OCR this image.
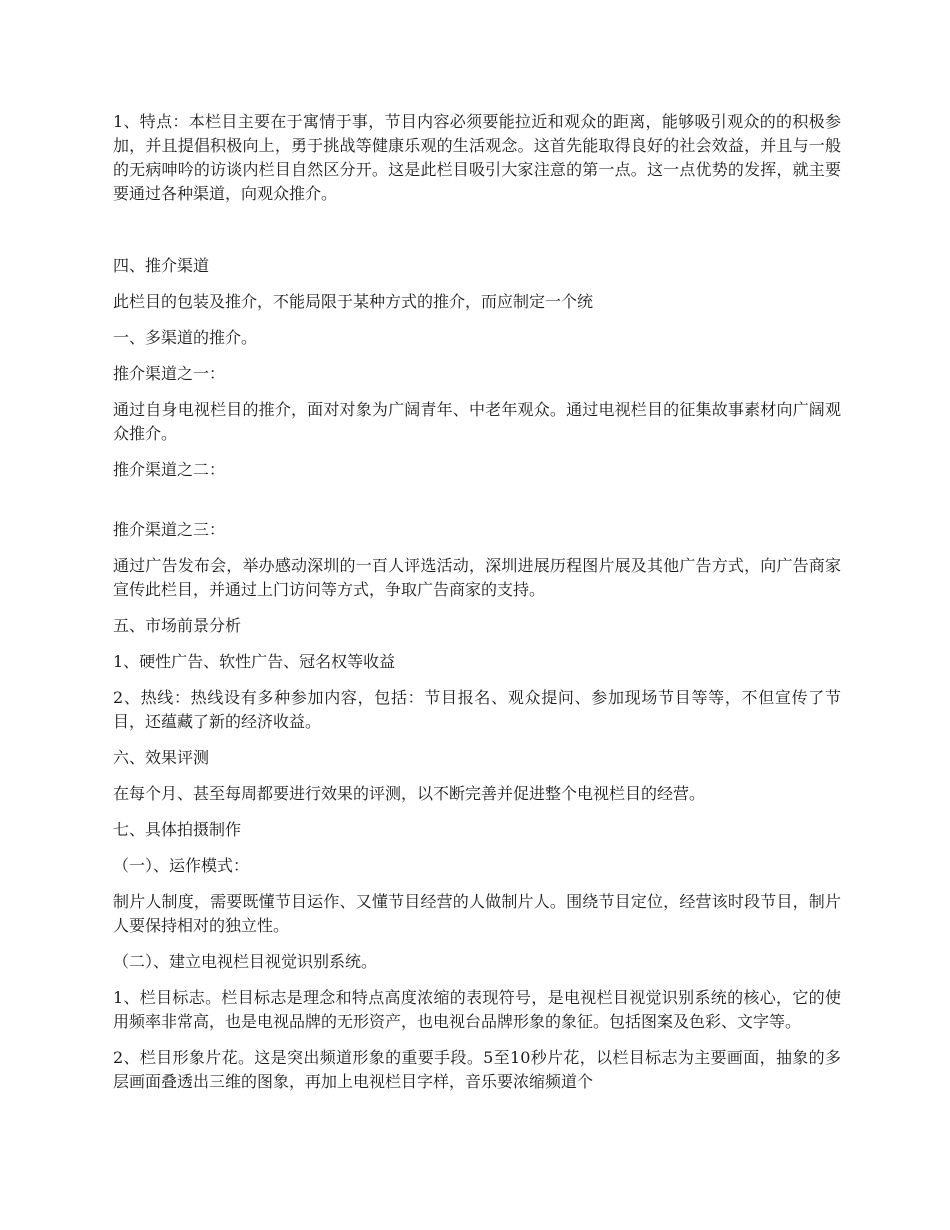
1、特点：本栏目主要在于寓情于事，节目内容必须要能拉近和观众的距离，能够吸引观众的的积极参加，并且提倡积极向上，勇于挑战等健康乐观的生活观念。这首先能取得良好的社会效益，并且与一般的无病呻吟的访谈内栏目自然区分开。这是此栏目吸引大家注意的第一点。这一点优势的发挥，就主要要通过各种渠道，向观众推介。

四、推介渠道

此栏目的包装及推介，不能局限于某种方式的推介，而应制定一个统

一、多渠道的推介。

推介渠道之一：

通过自身电视栏目的推介，面对对象为广阔青年、中老年观众。通过电视栏目的征集故事素材向广阔观众推介。

推介渠道之二：

推介渠道之三：

通过广告发布会，举办感动深圳的一百人评选活动，深圳进展历程图片展及其他广告方式，向广告商家宣传此栏目，并通过上门访问等方式，争取广告商家的支持。

五、市场前景分析

1、硬性广告、软性广告、冠名权等收益

2、热线：热线设有多种参加内容，包括：节目报名、观众提问、参加现场节目等等，不但宣传了节目，还蕴藏了新的经济收益。

六、效果评测

在每个月、甚至每周都要进行效果的评测，以不断完善并促进整个电视栏目的经营。

七、具体拍摄制作

（一）、运作模式：

制片人制度，需要既懂节目运作、又懂节目经营的人做制片人。围绕节目定位，经营该时段节目，制片人要保持相对的独立性。

（二）、建立电视栏目视觉识别系统。

1、栏目标志。栏目标志是理念和特点高度浓缩的表现符号，是电视栏目视觉识别系统的核心，它的使用频率非常高，也是电视品牌的无形资产，也电视台品牌形象的象征。包括图案及色彩、文字等。

2、栏目形象片花。这是突出频道形象的重要手段。5至10秒片花，以栏目标志为主要画面，抽象的多层画面叠透出三维的图象，再加上电视栏目字样，音乐要浓缩频道个
